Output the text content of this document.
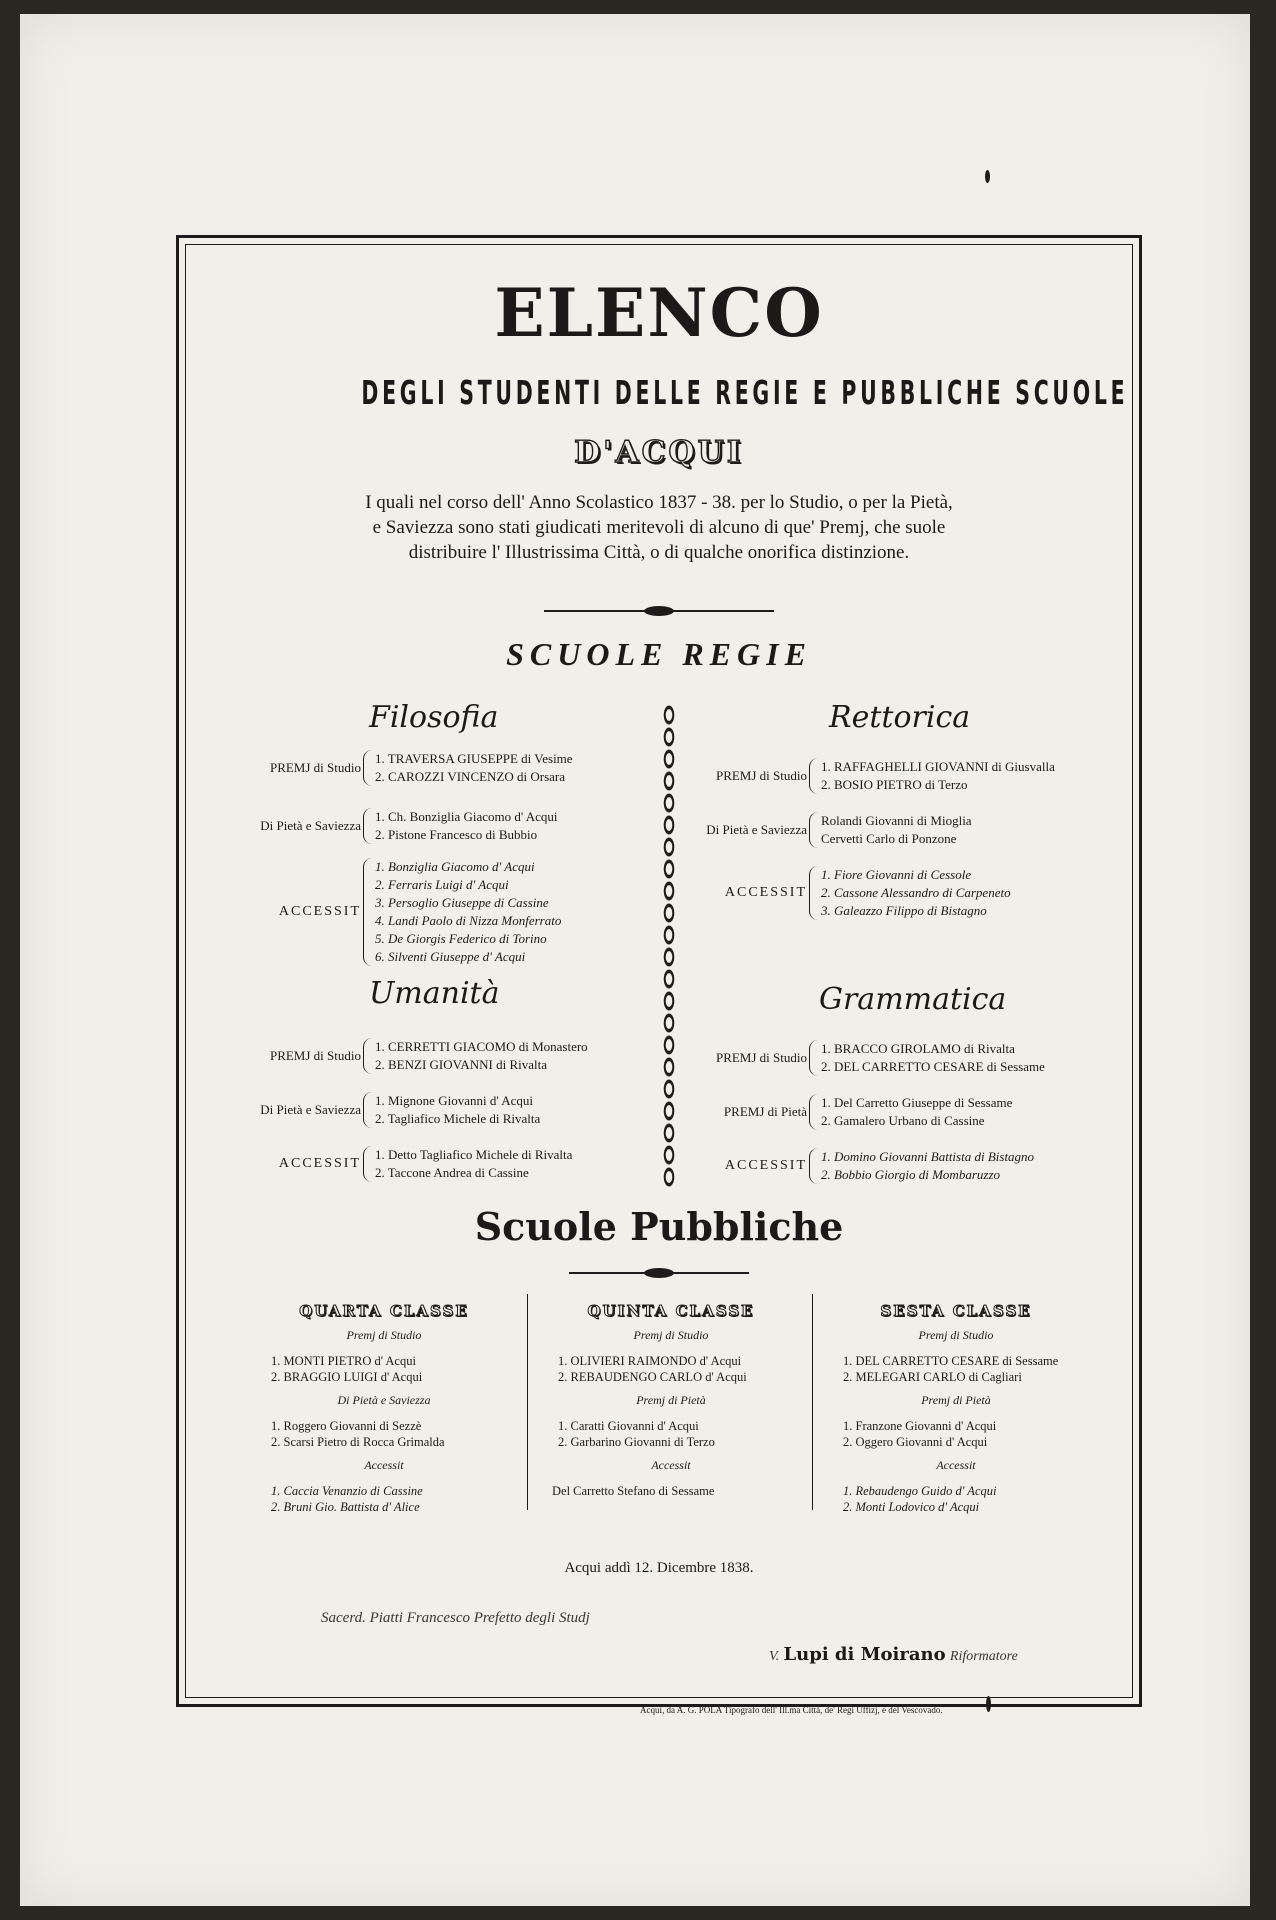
ELENCO
DEGLI STUDENTI DELLE REGIE E PUBBLICHE SCUOLE
D'ACQUI
I quali nel corso dell' Anno Scolastico 1837 - 38. per lo Studio, o per la Pietà,
e Saviezza sono stati giudicati meritevoli di alcuno di que' Premj, che suole
distribuire l' Illustrissima Città, o di qualche onorifica distinzione.
SCUOLE REGIE
Filosofia
PREMJ di Studio
1. TRAVERSA GIUSEPPE di Vesime
2. CAROZZI VINCENZO di Orsara
Di Pietà e Saviezza
1. Ch. Bonziglia Giacomo d' Acqui
2. Pistone Francesco di Bubbio
ACCESSIT
1. Bonziglia Giacomo d' Acqui
2. Ferraris Luigi d' Acqui
3. Persoglio Giuseppe di Cassine
4. Landi Paolo di Nizza Monferrato
5. De Giorgis Federico di Torino
6. Silventi Giuseppe d' Acqui
Umanità
PREMJ di Studio
1. CERRETTI GIACOMO di Monastero
2. BENZI GIOVANNI di Rivalta
Di Pietà e Saviezza
1. Mignone Giovanni d' Acqui
2. Tagliafico Michele di Rivalta
ACCESSIT
1. Detto Tagliafico Michele di Rivalta
2. Taccone Andrea di Cassine
Rettorica
PREMJ di Studio
1. RAFFAGHELLI GIOVANNI di Giusvalla
2. BOSIO PIETRO di Terzo
Di Pietà e Saviezza
Rolandi Giovanni di Mioglia
Cervetti Carlo di Ponzone
ACCESSIT
1. Fiore Giovanni di Cessole
2. Cassone Alessandro di Carpeneto
3. Galeazzo Filippo di Bistagno
Grammatica
PREMJ di Studio
1. BRACCO GIROLAMO di Rivalta
2. DEL CARRETTO CESARE di Sessame
PREMJ di Pietà
1. Del Carretto Giuseppe di Sessame
2. Gamalero Urbano di Cassine
ACCESSIT
1. Domino Giovanni Battista di Bistagno
2. Bobbio Giorgio di Mombaruzzo
Scuole Pubbliche
QUARTA CLASSE
Premj di Studio
1. MONTI PIETRO d' Acqui
2. BRAGGIO LUIGI d' Acqui
Di Pietà e Saviezza
1. Roggero Giovanni di Sezzè
2. Scarsi Pietro di Rocca Grimalda
Accessit
1. Caccia Venanzio di Cassine
2. Bruni Gio. Battista d' Alice
QUINTA CLASSE
Premj di Studio
1. OLIVIERI RAIMONDO d' Acqui
2. REBAUDENGO CARLO d' Acqui
Premj di Pietà
1. Caratti Giovanni d' Acqui
2. Garbarino Giovanni di Terzo
Accessit
Del Carretto Stefano di Sessame
SESTA CLASSE
Premj di Studio
1. DEL CARRETTO CESARE di Sessame
2. MELEGARI CARLO di Cagliari
Premj di Pietà
1. Franzone Giovanni d' Acqui
2. Oggero Giovanni d' Acqui
Accessit
1. Rebaudengo Guido d' Acqui
2. Monti Lodovico d' Acqui
Acqui addì 12. Dicembre 1838.
Sacerd. Piatti Francesco Prefetto degli Studj
V. Lupi di Moirano Riformatore
Acqui, da A. G. POLA Tipografo dell' Ill.ma Città, de' Regi Uffizj, e del Vescovado.
